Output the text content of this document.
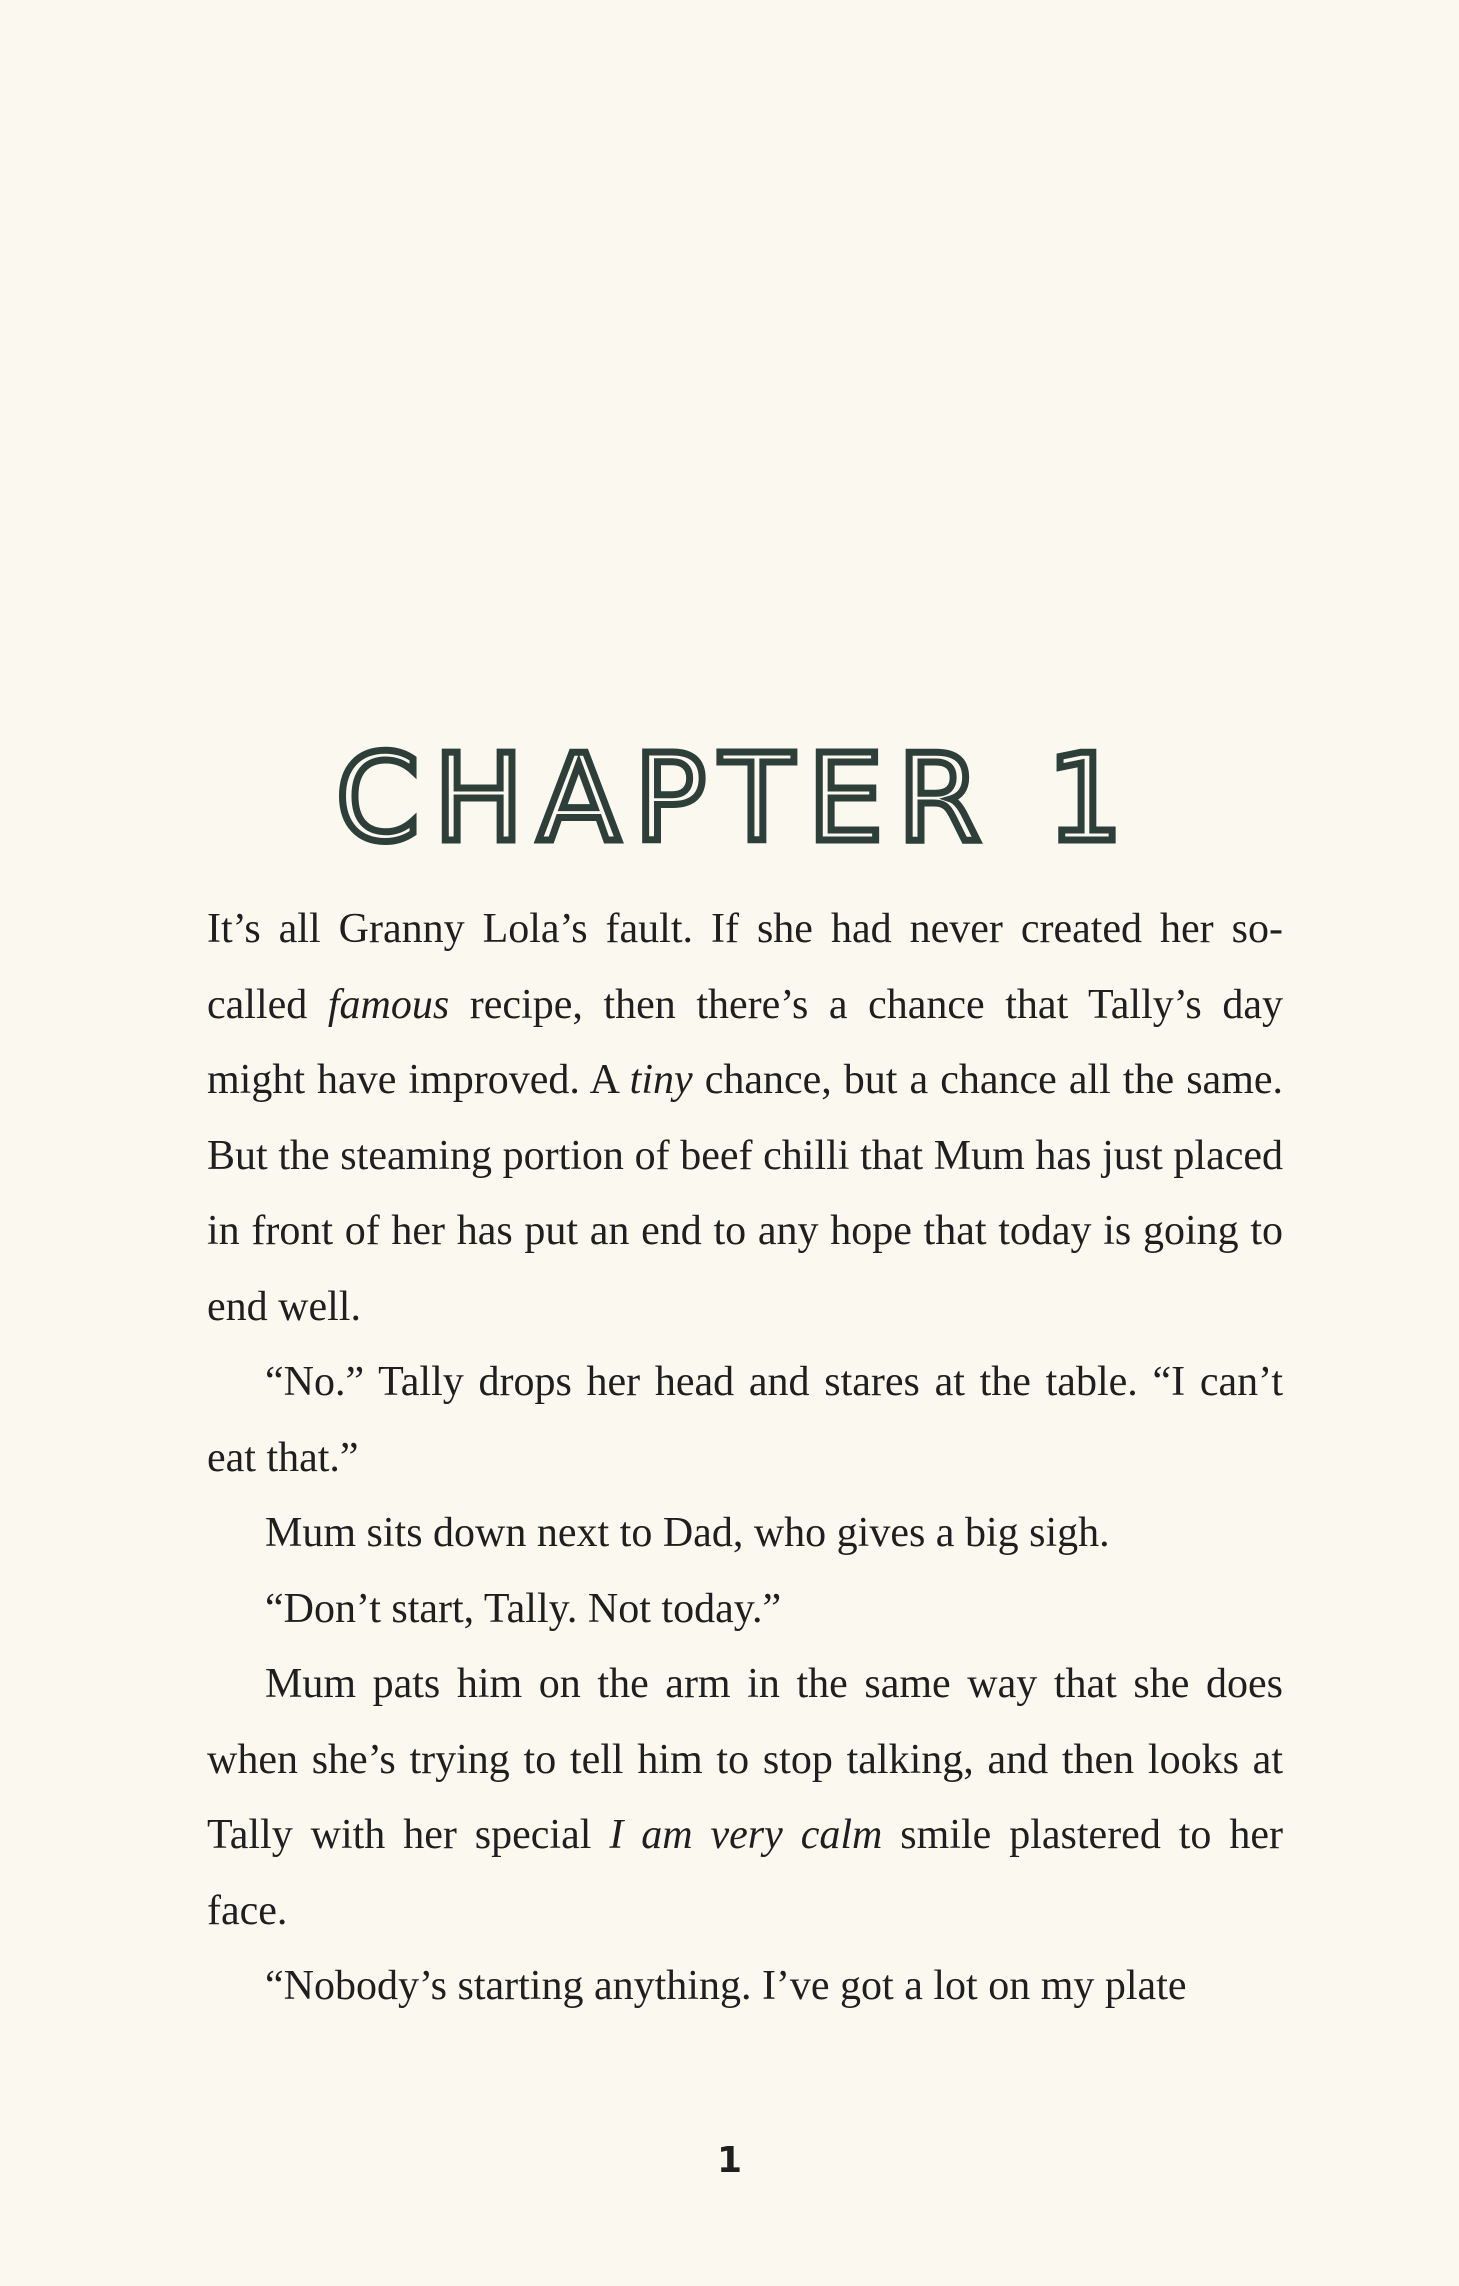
CHAPTER 1

It’s all Granny Lola’s fault. If she had never created her so-called famous recipe, then there’s a chance that Tally’s day might have improved. A tiny chance, but a chance all the same. But the steaming portion of beef chilli that Mum has just placed in front of her has put an end to any hope that today is going to end well.

“No.” Tally drops her head and stares at the table. “I can’t eat that.”

Mum sits down next to Dad, who gives a big sigh.

“Don’t start, Tally. Not today.”

Mum pats him on the arm in the same way that she does when she’s trying to tell him to stop talking, and then looks at Tally with her special I am very calm smile plastered to her face.

“Nobody’s starting anything. I’ve got a lot on my plate

1
